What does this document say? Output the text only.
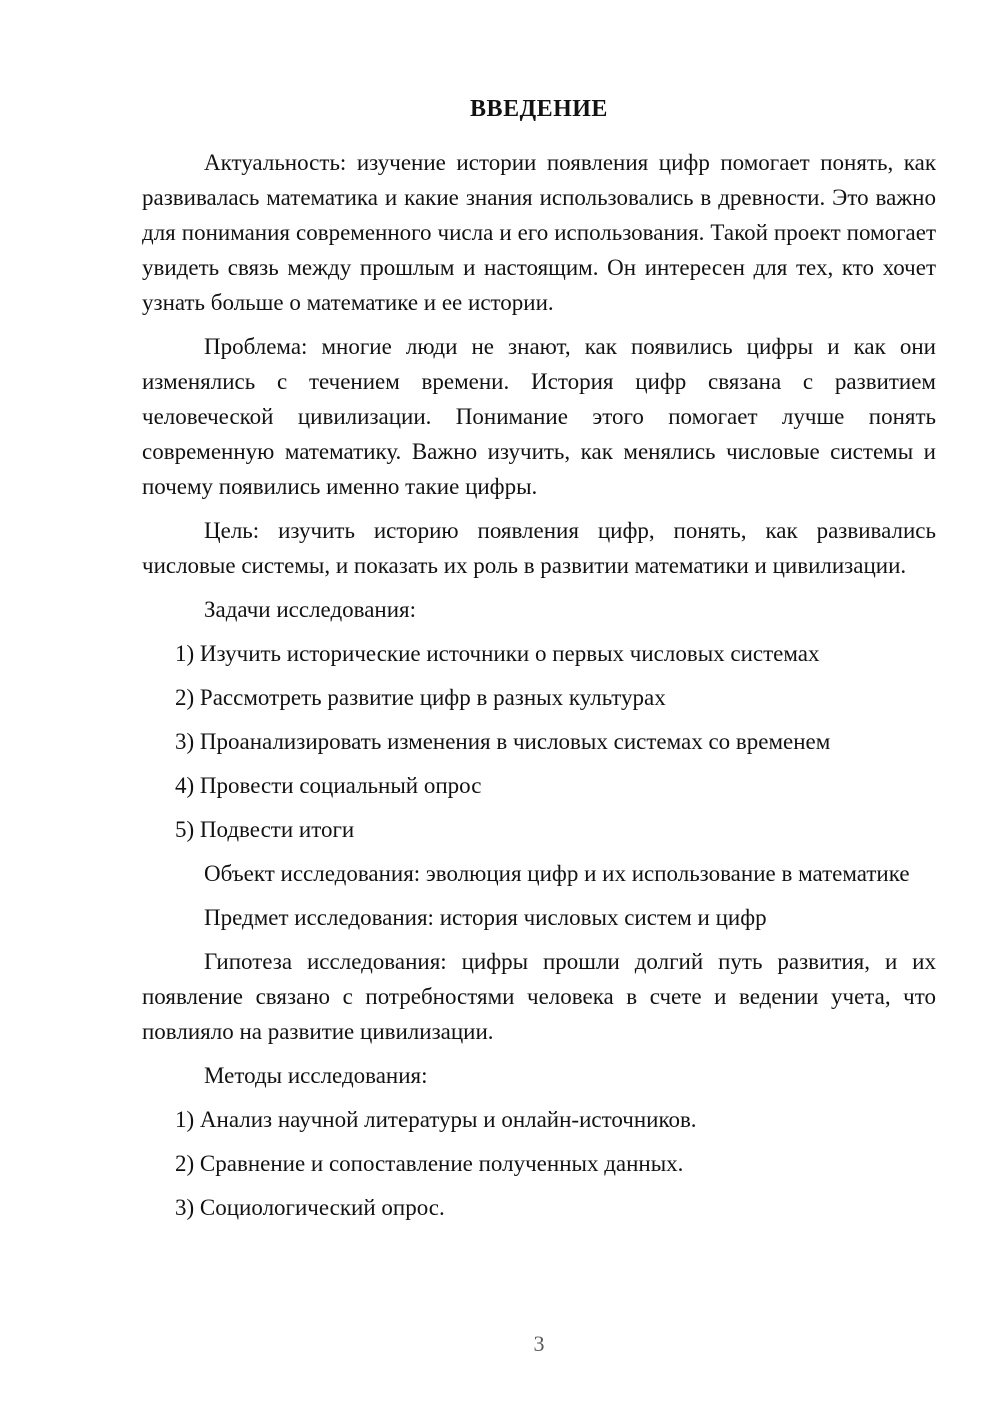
ВВЕДЕНИЕ

Актуальность: изучение истории появления цифр помогает понять, как развивалась математика и какие знания использовались в древности. Это важно для понимания современного числа и его использования. Такой проект помогает увидеть связь между прошлым и настоящим. Он интересен для тех, кто хочет узнать больше о математике и ее истории.

Проблема: многие люди не знают, как появились цифры и как они изменялись с течением времени. История цифр связана с развитием человеческой цивилизации. Понимание этого помогает лучше понять современную математику. Важно изучить, как менялись числовые системы и почему появились именно такие цифры.

Цель: изучить историю появления цифр, понять, как развивались числовые системы, и показать их роль в развитии математики и цивилизации.

Задачи исследования:

1) Изучить исторические источники о первых числовых системах

2) Рассмотреть развитие цифр в разных культурах

3) Проанализировать изменения в числовых системах со временем

4) Провести социальный опрос

5) Подвести итоги

Объект исследования: эволюция цифр и их использование в математике

Предмет исследования: история числовых систем и цифр

Гипотеза исследования: цифры прошли долгий путь развития, и их появление связано с потребностями человека в счете и ведении учета, что повлияло на развитие цивилизации.

Методы исследования:

1) Анализ научной литературы и онлайн-источников.

2) Сравнение и сопоставление полученных данных.

3) Социологический опрос.

3
